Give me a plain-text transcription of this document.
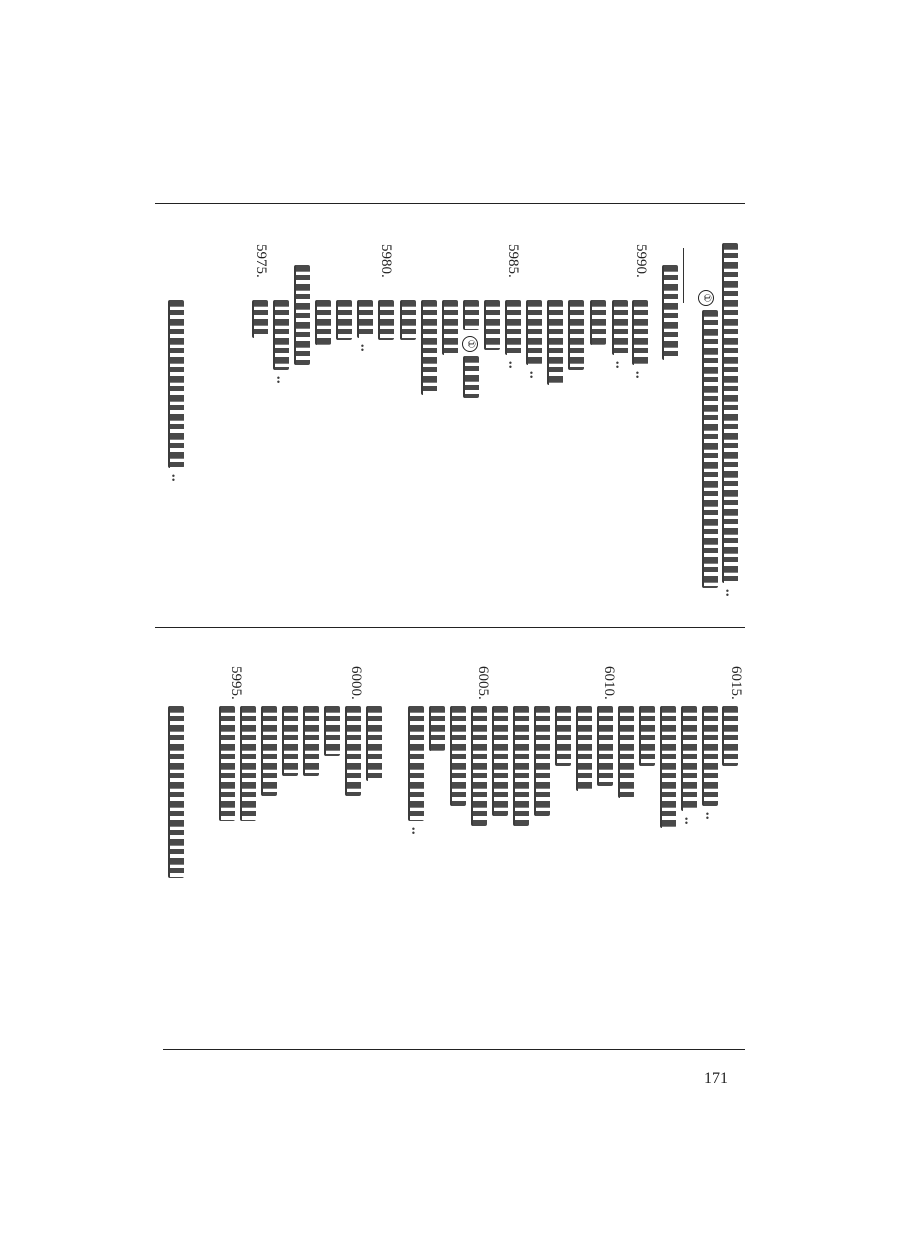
:
①
:
:
:
:
①
:
:
:
5990.
5985.
5980.
5975.
:
:
:
6015.
6010.
6005.
6000.
5995.
171
